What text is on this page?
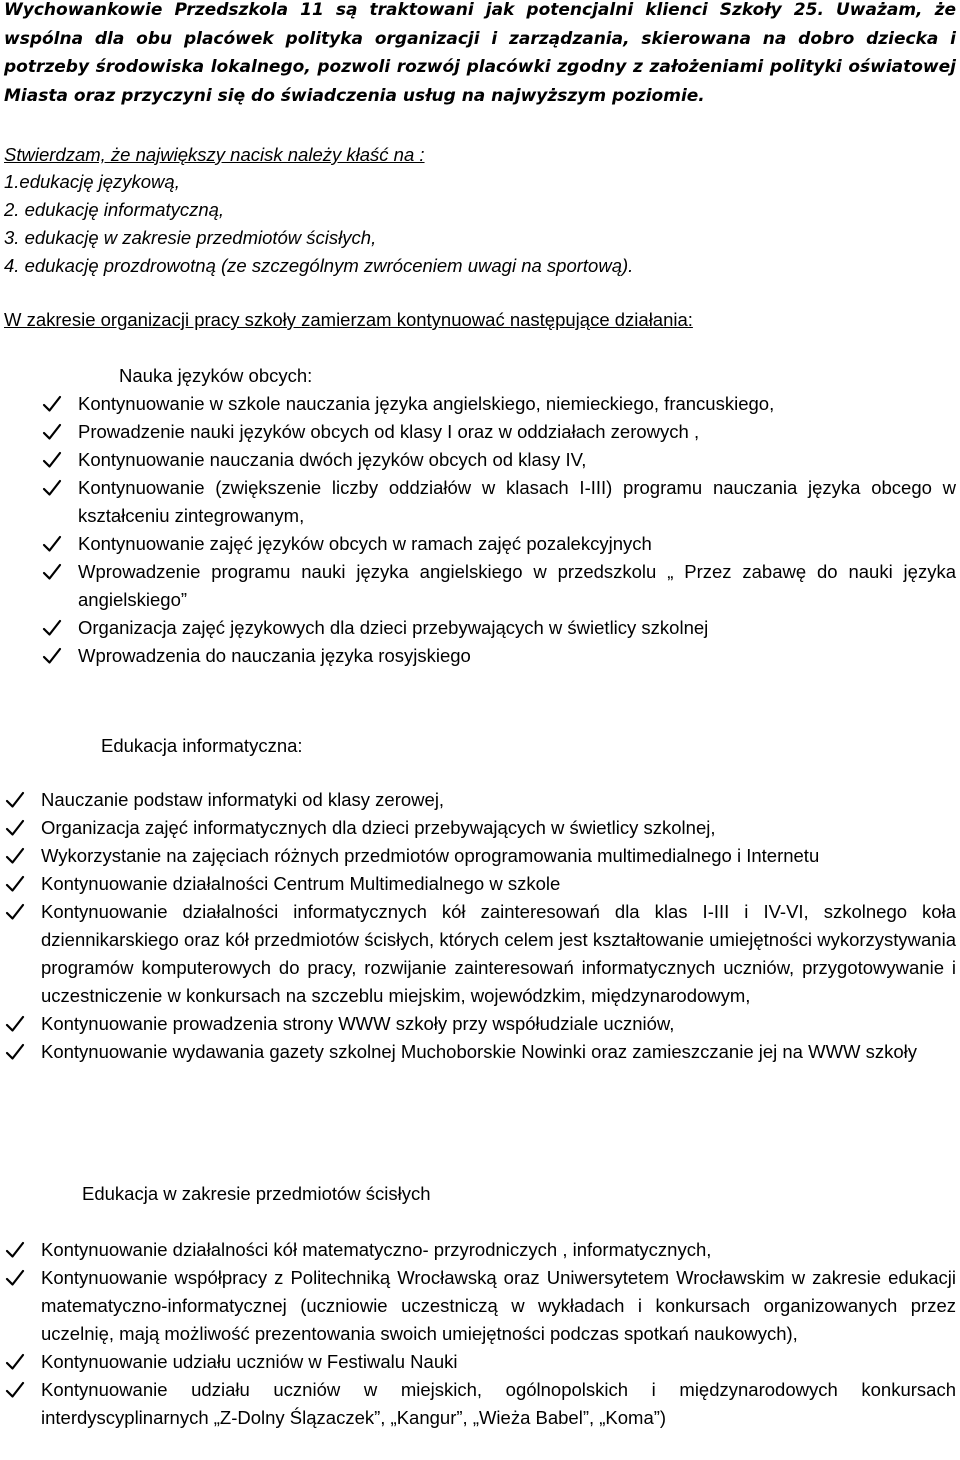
Wychowankowie Przedszkola 11 są traktowani jak potencjalni klienci Szkoły 25. Uważam, że wspólna dla obu placówek polityka organizacji i zarządzania, skierowana na dobro dziecka i potrzeby środowiska lokalnego, pozwoli rozwój placówki zgodny z założeniami polityki oświatowej Miasta oraz przyczyni się do świadczenia usług na najwyższym poziomie.

Stwierdzam, że największy nacisk należy kłaść na :
1.edukację językową,
2. edukację informatyczną,
3. edukację w zakresie przedmiotów ścisłych,
4. edukację prozdrowotną (ze szczególnym zwróceniem uwagi na sportową).
W zakresie organizacji pracy szkoły zamierzam kontynuować następujące działania:
Nauka języków obcych:
Kontynuowanie w szkole nauczania języka angielskiego, niemieckiego, francuskiego,
Prowadzenie nauki języków obcych od klasy I oraz w oddziałach zerowych ,
Kontynuowanie nauczania dwóch języków obcych od klasy IV,
Kontynuowanie (zwiększenie liczby oddziałów w klasach I-III) programu nauczania języka obcego w kształceniu zintegrowanym,
Kontynuowanie zajęć języków obcych w ramach zajęć pozalekcyjnych
Wprowadzenie programu nauki języka angielskiego w przedszkolu „ Przez zabawę do nauki języka angielskiego”
Organizacja zajęć językowych dla dzieci przebywających w świetlicy szkolnej
Wprowadzenia do nauczania języka rosyjskiego
Edukacja informatyczna:
Nauczanie podstaw informatyki od klasy zerowej,
Organizacja zajęć informatycznych dla dzieci przebywających w świetlicy szkolnej,
Wykorzystanie na zajęciach różnych przedmiotów oprogramowania multimedialnego i Internetu
Kontynuowanie działalności Centrum Multimedialnego w szkole
Kontynuowanie działalności informatycznych kół zainteresowań dla klas I-III i IV-VI, szkolnego koła dziennikarskiego oraz kół przedmiotów ścisłych, których celem jest kształtowanie umiejętności wykorzystywania programów komputerowych do pracy, rozwijanie zainteresowań informatycznych uczniów, przygotowywanie i uczestniczenie w konkursach na szczeblu miejskim, wojewódzkim, międzynarodowym,
Kontynuowanie prowadzenia strony WWW szkoły przy współudziale uczniów,
Kontynuowanie wydawania gazety szkolnej Muchoborskie Nowinki oraz zamieszczanie jej na WWW szkoły
Edukacja w zakresie przedmiotów ścisłych
Kontynuowanie działalności kół matematyczno- przyrodniczych , informatycznych,
Kontynuowanie współpracy z Politechniką Wrocławską oraz Uniwersytetem Wrocławskim w zakresie edukacji matematyczno-informatycznej (uczniowie uczestniczą w wykładach i konkursach organizowanych przez uczelnię, mają możliwość prezentowania swoich umiejętności podczas spotkań naukowych),
Kontynuowanie udziału uczniów w Festiwalu Nauki
Kontynuowanie udziału uczniów w miejskich, ogólnopolskich i międzynarodowych konkursach interdyscyplinarnych „Z-Dolny Ślązaczek”, „Kangur”, „Wieża Babel”, „Koma”)
